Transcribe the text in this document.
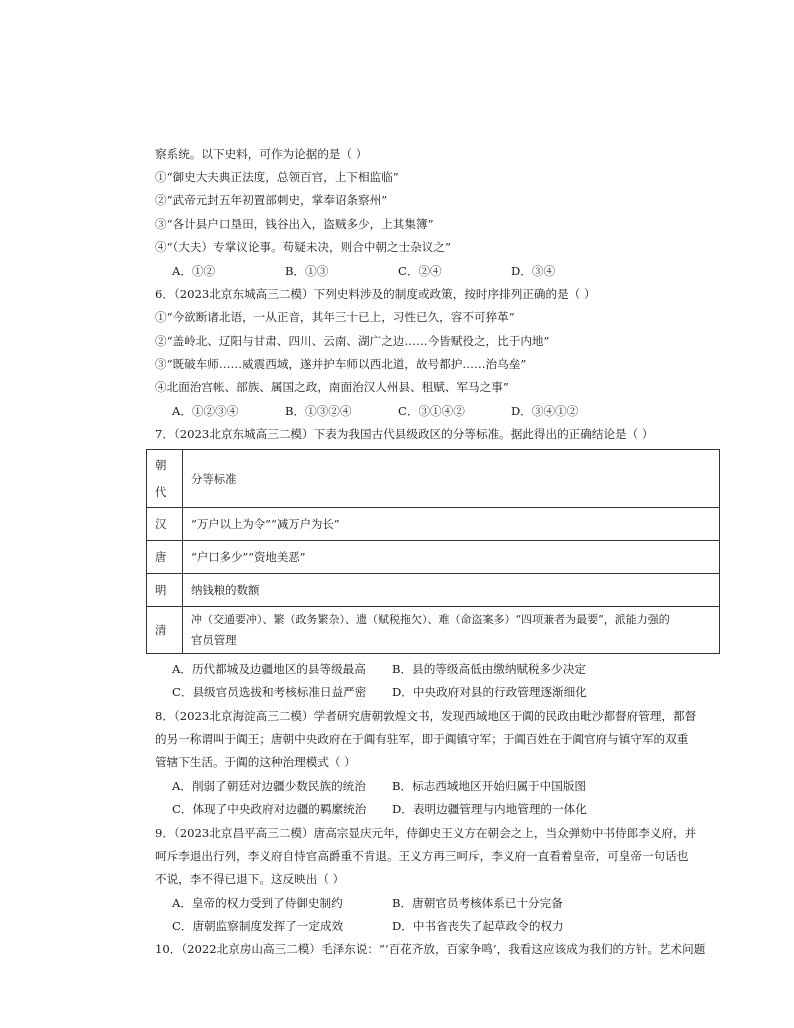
察系统。以下史料，可作为论据的是（ ）
①“御史大夫典正法度，总领百官，上下相监临”
②“武帝元封五年初置部刺史，掌奉诏条察州”
③“各计县户口垦田，钱谷出入，盗贼多少，上其集簿”
④“（大夫）专掌议论事。苟疑未决，则合中朝之士杂议之”
A．①②	B．①③	C．②④	D．③④
6．（2023北京东城高三二模）下列史料涉及的制度或政策，按时序排列正确的是（ ）
①“今欲断诸北语，一从正音，其年三十已上，习性已久，容不可猝革”
②“盖岭北、辽阳与甘肃、四川、云南、湖广之边……今皆赋役之，比于内地”
③“既破车师……威震西域，遂并护车师以西北道，故号都护……治乌垒”
④北面治宫帐、部族、属国之政，南面治汉人州县、租赋、军马之事”
A．①②③④	B．①③②④	C．③①④②	D．③④①②
7．（2023北京东城高三二模）下表为我国古代县级政区的分等标准。据此得出的正确结论是（ ）
朝
代	分等标准
汉	“万户以上为令”“减万户为长”
唐	“户口多少”“资地美恶”
明	纳钱粮的数额
清	冲（交通要冲）、繁（政务繁杂）、遗（赋税拖欠）、难（命盗案多）“四项兼者为最要”，派能力强的
官员管理
A．历代都城及边疆地区的县等级最高 B．县的等级高低由缴纳赋税多少决定
C．县级官员选拔和考核标准日益严密 D．中央政府对县的行政管理逐渐细化
8．（2023北京海淀高三二模）学者研究唐朝敦煌文书，发现西域地区于阗的民政由毗沙都督府管理，都督
的另一称谓叫于阗王；唐朝中央政府在于阗有驻军，即于阗镇守军；于阗百姓在于阗官府与镇守军的双重
管辖下生活。于阗的这种治理模式（ ）
A．削弱了朝廷对边疆少数民族的统治 B．标志西域地区开始归属于中国版图
C．体现了中央政府对边疆的羁縻统治 D．表明边疆管理与内地管理的一体化
9．（2023北京昌平高三二模）唐高宗显庆元年，侍御史王义方在朝会之上，当众弹劾中书侍郎李义府，并
呵斥李退出行列，李义府自恃官高爵重不肯退。王义方再三呵斥，李义府一直看着皇帝，可皇帝一句话也
不说，李不得已退下。这反映出（ ）
A．皇帝的权力受到了侍御史制约	B．唐朝官员考核体系已十分完备
C．唐朝监察制度发挥了一定成效	D．中书省丧失了起草政令的权力
10．（2022北京房山高三二模）毛泽东说：“‘百花齐放，百家争鸣’，我看这应该成为我们的方针。艺术问题
